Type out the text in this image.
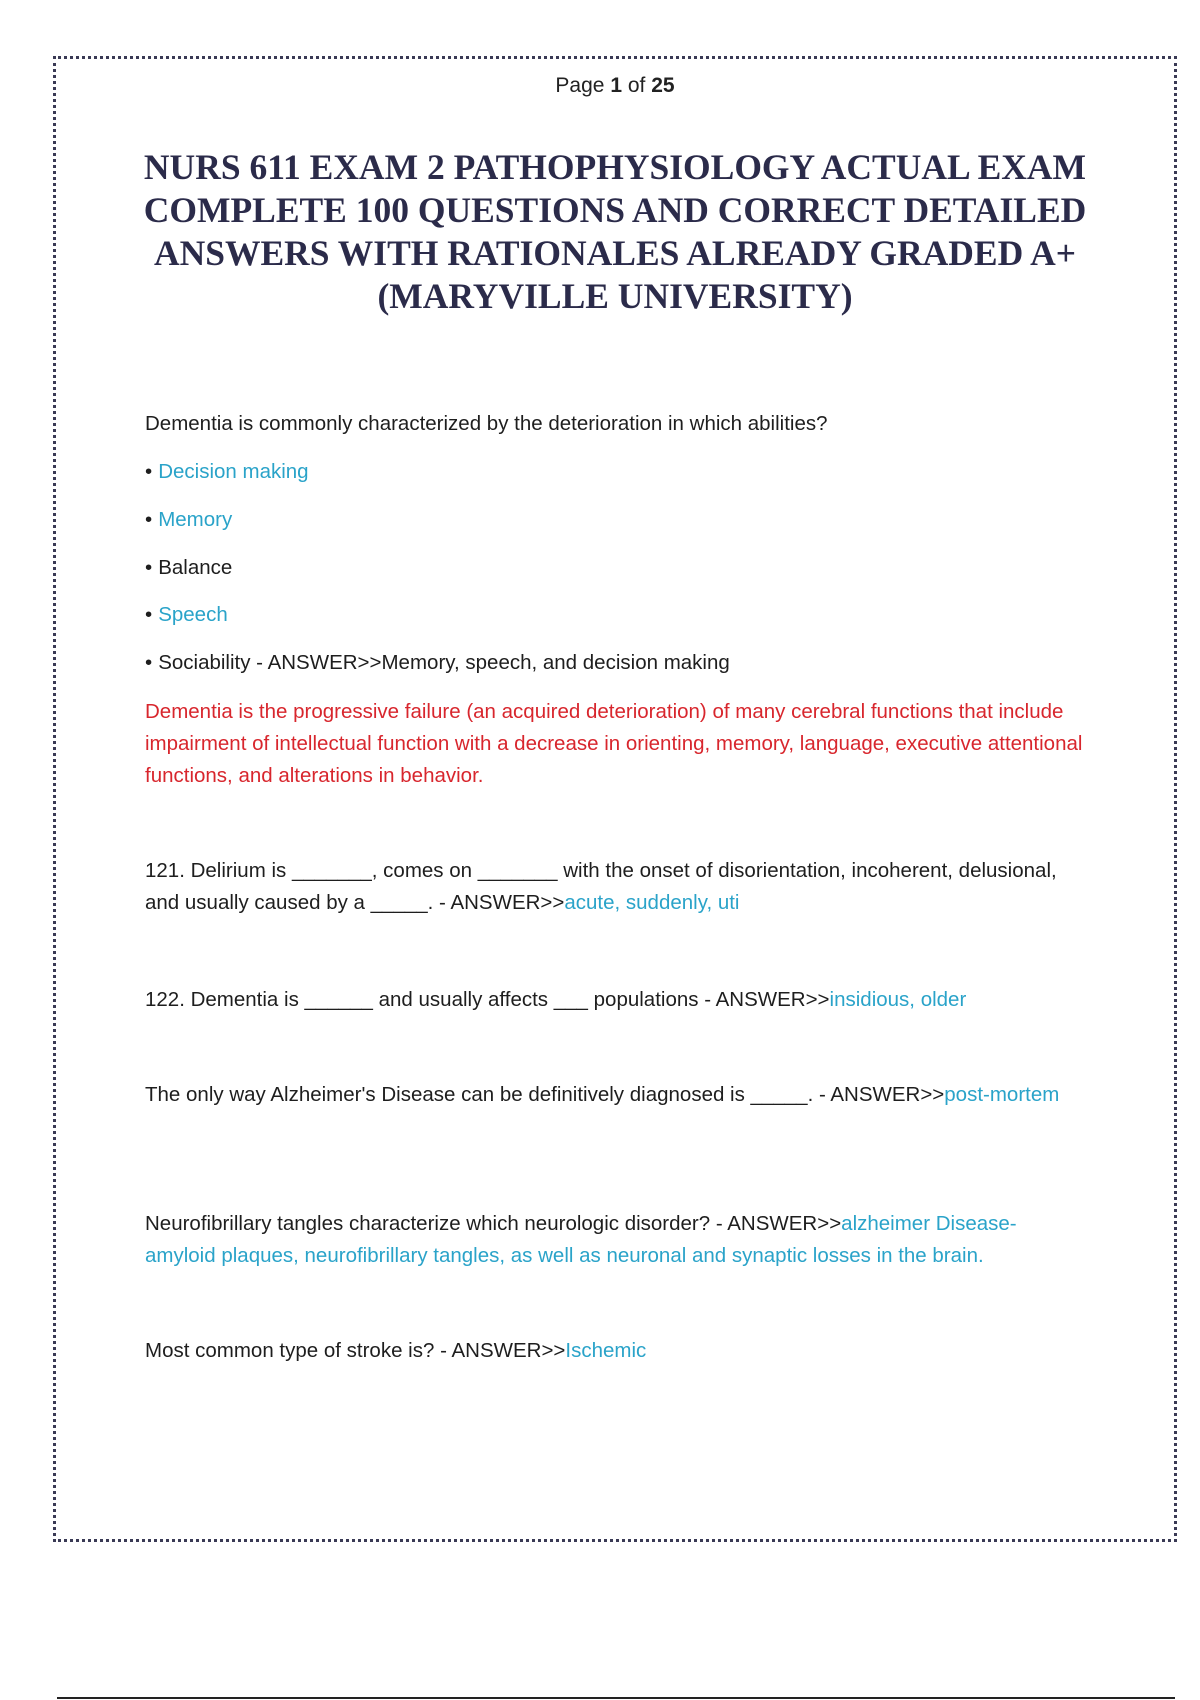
Page 1 of 25
NURS 611 EXAM 2 PATHOPHYSIOLOGY ACTUAL EXAM COMPLETE 100 QUESTIONS AND CORRECT DETAILED ANSWERS WITH RATIONALES ALREADY GRADED A+ (MARYVILLE UNIVERSITY)
Dementia is commonly characterized by the deterioration in which abilities?
• Decision making
• Memory
• Balance
• Speech
• Sociability - ANSWER>>Memory, speech, and decision making
Dementia is the progressive failure (an acquired deterioration) of many cerebral functions that include impairment of intellectual function with a decrease in orienting, memory, language, executive attentional functions, and alterations in behavior.
121. Delirium is _______, comes on _______ with the onset of disorientation, incoherent, delusional, and usually caused by a _____. - ANSWER>>acute, suddenly, uti
122. Dementia is ______ and usually affects ___ populations - ANSWER>>insidious, older
The only way Alzheimer's Disease can be definitively diagnosed is _____. - ANSWER>>post-mortem
Neurofibrillary tangles characterize which neurologic disorder? - ANSWER>>alzheimer Disease- amyloid plaques, neurofibrillary tangles, as well as neuronal and synaptic losses in the brain.
Most common type of stroke is? - ANSWER>>Ischemic
